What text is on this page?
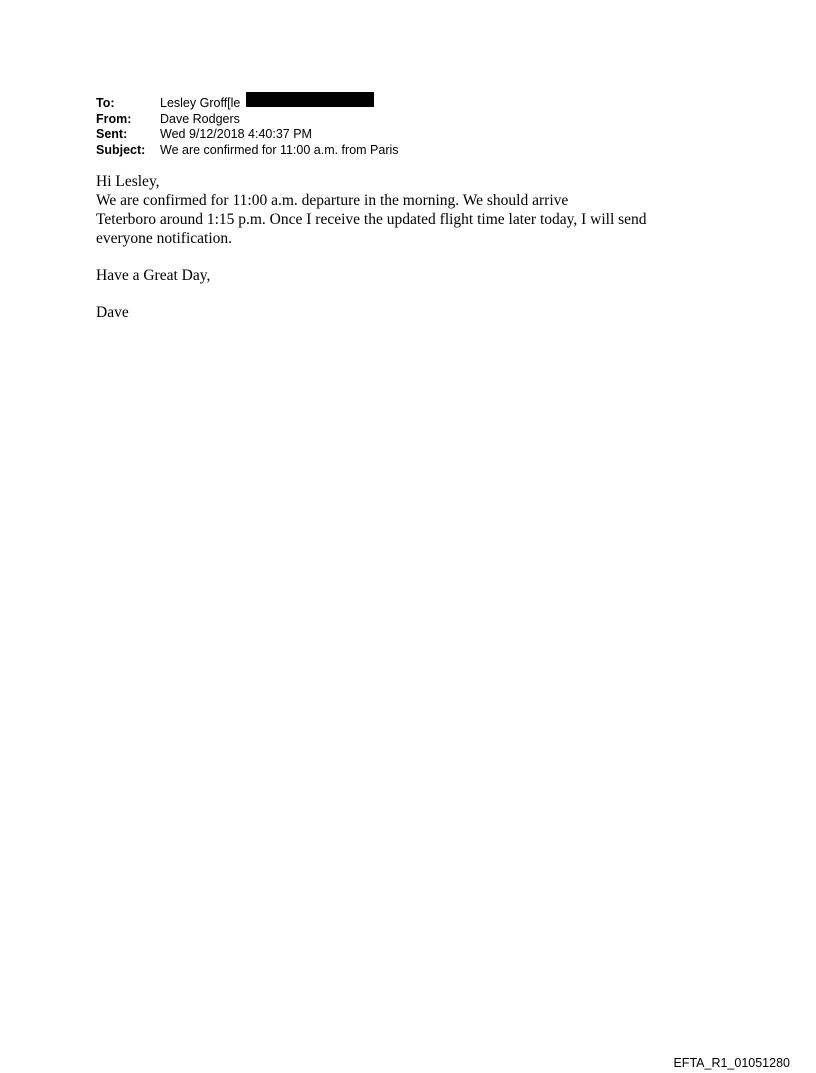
To:	Lesley Groff[le
From:	Dave Rodgers
Sent:	Wed 9/12/2018 4:40:37 PM
Subject:	We are confirmed for 11:00 a.m. from Paris

Hi Lesley,

We are confirmed for 11:00 a.m. departure in the morning. We should arrive

Teterboro around 1:15 p.m. Once I receive the updated flight time later today, I will send

everyone notification.

Have a Great Day,

Dave

EFTA_R1_01051280
